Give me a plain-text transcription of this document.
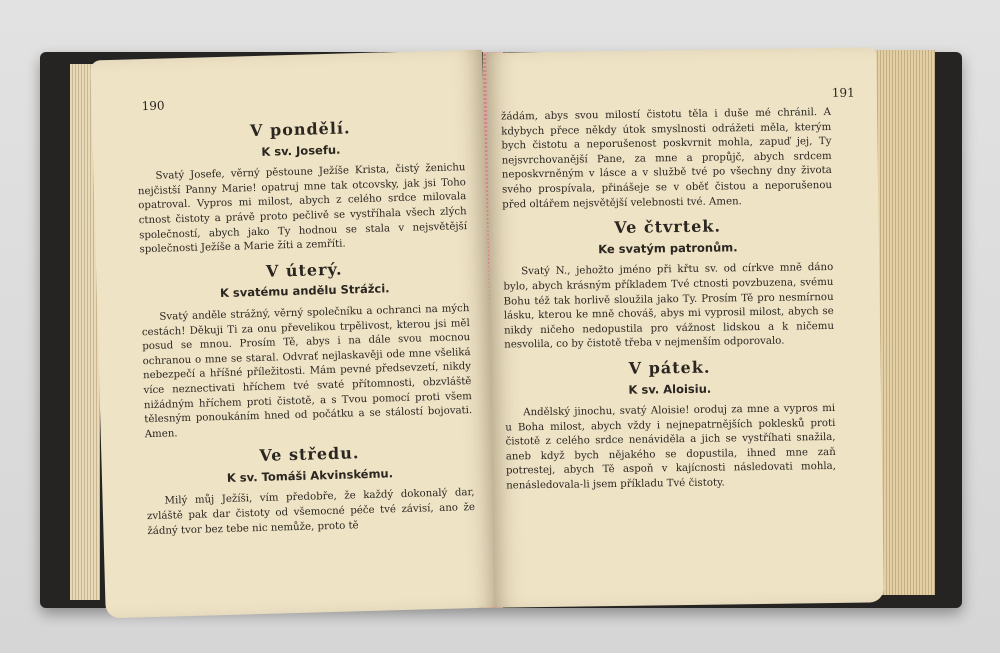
190
V pondělí.
K sv. Josefu.

Svatý Josefe, věrný pěstoune Ježíše Krista, čistý ženichu nejčistší Panny Marie! opatruj mne tak otcovsky, jak jsi Toho opatroval. Vypros mi milost, abych z celého srdce milovala ctnost čistoty a právě proto pečlivě se vystříhala všech zlých společností, abych jako Ty hodnou se stala v nejsvětější společnosti Ježíše a Marie žíti a zemříti.

V úterý.
K svatému andělu Strážci.

Svatý anděle strážný, věrný společníku a ochranci na mých cestách! Děkuji Ti za onu převelikou trpělivost, kterou jsi měl posud se mnou. Prosím Tě, abys i na dále svou mocnou ochranou o mne se staral. Odvrať nejlaskavěji ode mne všeliká nebezpečí a hříšné příležitosti. Mám pevné předsevzetí, nikdy více neznectivati hříchem tvé svaté přítomnosti, obzvláště nižádným hříchem proti čistotě, a s Tvou pomocí proti všem tělesným ponoukáním hned od počátku a se stálostí bojovati. Amen.

Ve středu.
K sv. Tomáši Akvinskému.

Milý můj Ježíši, vím předobře, že každý dokonalý dar, zvláště pak dar čistoty od všemocné péče tvé závisí, ano že žádný tvor bez tebe nic nemůže, proto tě

191

žádám, abys svou milostí čistotu těla i duše mé chránil. A kdybych přece někdy útok smyslnosti odrážeti měla, kterým bych čistotu a neporušenost poskvrnit mohla, zapuď jej, Ty nejsvrchovanější Pane, za mne a propůjč, abych srdcem neposkvrněným v lásce a v službě tvé po všechny dny života svého prospívala, přinášeje se v oběť čistou a neporušenou před oltářem nejsvětější velebnosti tvé. Amen.

Ve čtvrtek.
Ke svatým patronům.

Svatý N., jehožto jméno při křtu sv. od církve mně dáno bylo, abych krásným příkladem Tvé ctnosti povzbuzena, svému Bohu též tak horlivě sloužila jako Ty. Prosím Tě pro nesmírnou lásku, kterou ke mně chováš, abys mi vyprosil milost, abych se nikdy ničeho nedopustila pro vážnost lidskou a k ničemu nesvolila, co by čistotě třeba v nejmenším odporovalo.

V pátek.
K sv. Aloisiu.

Andělský jinochu, svatý Aloisie! oroduj za mne a vypros mi u Boha milost, abych vždy i nejnepatrnějších poklesků proti čistotě z celého srdce nenáviděla a jich se vystříhati snažila, aneb když bych nějakého se dopustila, ihned mne zaň potrestej, abych Tě aspoň v kajícnosti následovati mohla, nenásledovala-li jsem příkladu Tvé čistoty.
